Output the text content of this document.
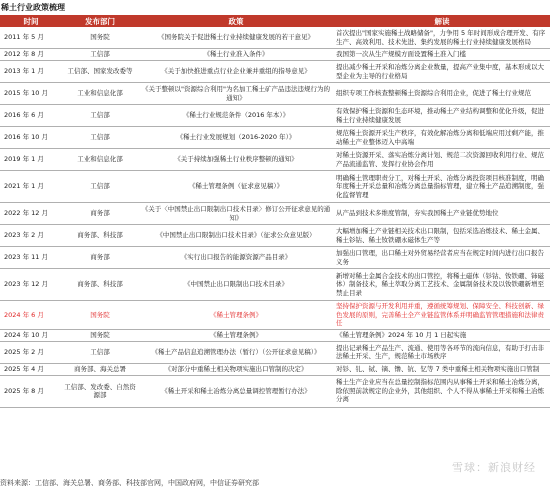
稀土行业政策梳理
时间	发布部门	政策	解读
2011 年 5 月	国务院	《国务院关于促进稀土行业持续健康发展的若干意见》	首次提出"国家实施稀土战略储备"，力争用 5 年时间形成合理开发、有序生产、高效利用、技术先进、集约发展的稀土行业持续健康发展格局
2012 年 8 月	工信部	《稀土行业准入条件》	我国第一次从生产规模方面设置稀土准入门槛
2013 年 1 月	工信部、国家发改委等	《关于加快推进重点行业企业兼并重组的指导意见》	提出减少稀土开采和冶炼分离企业数量，提高产业集中度，基本形成以大型企业为主导的行业格局
2015 年 10 月	工业和信息化部	《关于整顿以"资源综合利用"为名加工稀土矿产品违法违规行为的通知》	组织专项工作核查整顿稀土资源综合利用企业，促进了稀土行业规范
2016 年 6 月	工信部	《稀土行业规范条件（2016 年本）》	有效保护稀土资源和生态环境，推动稀土产业结构调整和优化升级，促进稀土行业持续健康发展
2016 年 10 月	工信部	《稀土行业发展规划（2016-2020 年）》	规范稀土资源开采生产秩序，有效化解冶炼分离和低端应用过剩产能，推动稀土产业整体迈入中高端
2019 年 1 月	工业和信息化部	《关于持续加强稀土行业秩序整顿的通知》	对稀土资源开采、落实冶炼分离计划、规范二次资源回收利用行业、规范产品流通监管、发挥行业协会作用
2021 年 1 月	工信部	《稀土管理条例（征求意见稿）》	明确稀土管理职责分工，对稀土开采、冶炼分离投资项目核准制度，明确年度稀土开采总量和冶炼分离总量指标管理，建立稀土产品追溯制度，强化监督管理
2022 年 12 月	商务部	《关于〈中国禁止出口限制出口技术目录〉修订公开征求意见的通知》	从产品到技术多维度管制，夯实我国稀土产业链优势地位
2023 年 2 月	商务部、科技部	《中国禁止出口限制出口技术目录》（征求公众意见版）	大幅增加稀土产业链相关技术出口限制，包括采选冶炼技术、稀土金属、稀土钐钴、稀土钕铁硼永磁体生产等
2023 年 11 月	商务部	《实行出口报告的能源资源产品目录》	加强出口管理，出口稀土对外贸易经营者应当在规定时间内进行出口报告义务
2023 年 12 月	商务部、科技部	《中国禁止出口限制出口技术目录》	新增对稀土金属合金技术的出口管控，将稀土磁体（钐钴、钕铁硼、铈磁体）制备技术，稀土萃取分离工艺技术、金属制备技术及以钕铁硼新增至禁止目录
2024 年 6 月	国务院	《稀土管理条例》	坚持保护资源与开发利用并重，遵循统筹规划、保障安全、科技创新、绿色发展的原则，完善稀土全产业链监管体系并明确监管管理措施和法律责任
2024 年 10 月	国务院	《稀土管理条例》	《稀土管理条例》2024 年 10 月 1 日起实施
2025 年 2 月	工信部	《稀土产品信息追溯管理办法（暂行）（公开征求意见稿）》	提出记录稀土产品生产、流通、使用等各环节的流向信息，有助于打击非法稀土开采、生产，规范稀土市场秩序
2025 年 4 月	商务部、海关总署	《对部分中重稀土相关物项实施出口管制的决定》	对钐、钆、铽、镝、镥、钪、钇等 7 类中重稀土相关物项实施出口管制
2025 年 8 月	工信部、发改委、自然资源部	《稀土开采和稀土冶炼分离总量调控管理暂行办法》	稀土生产企业应当在总量控制指标范围内从事稀土开采和稀土冶炼分离，除依照前款规定的企业外，其他组织、个人不得从事稀土开采和稀土冶炼分离
资料来源：工信部、海关总署、商务部、科技部官网，中国政府网，中信证券研究部
雪球：新浪财经
